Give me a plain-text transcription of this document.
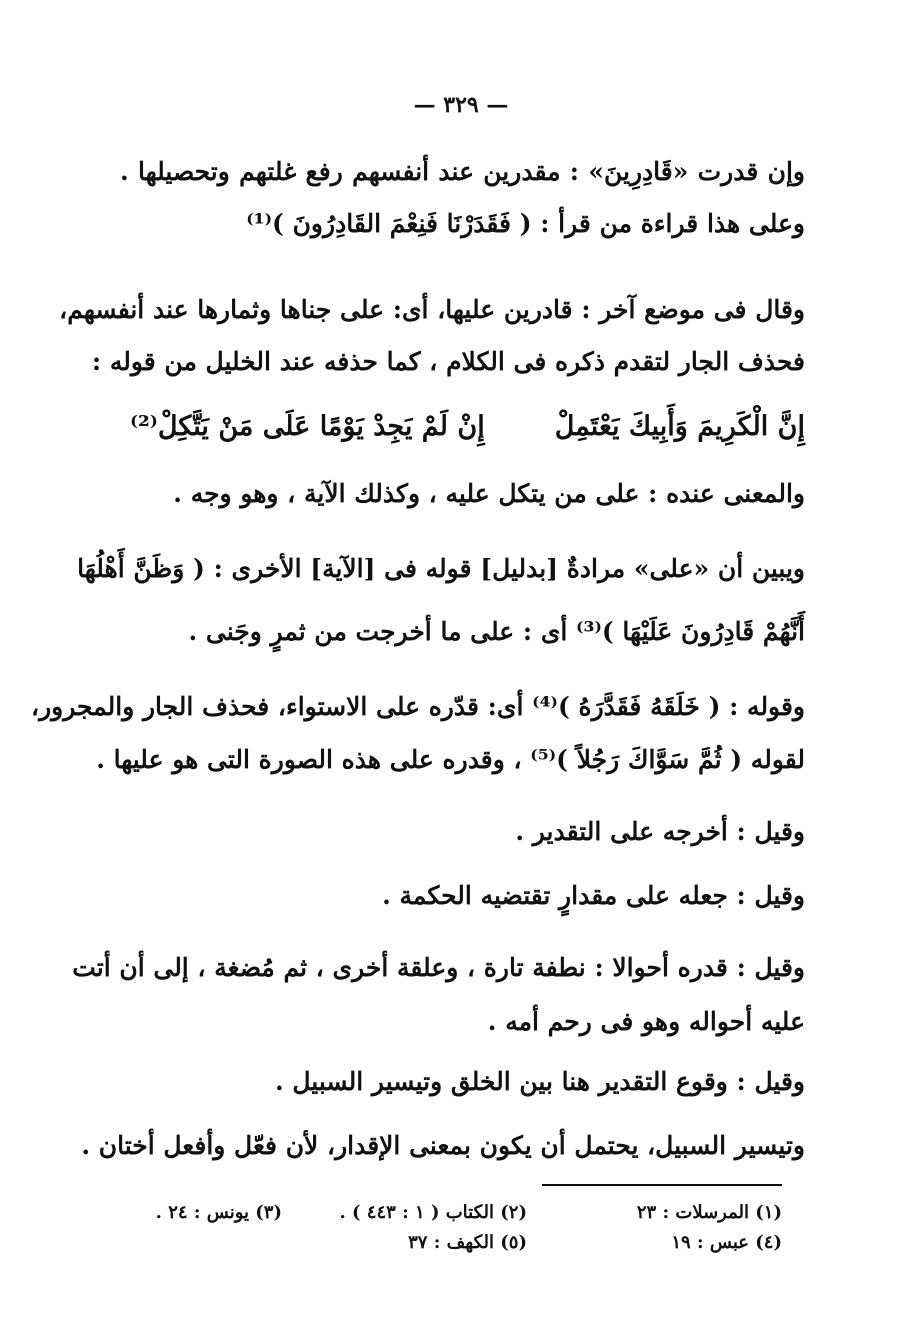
— ٣٢٩ —
وإن قدرت «قَادِرِينَ» : مقدرين عند أنفسهم رفع غلتهم وتحصيلها .
وعلى هذا قراءة من قرأ : ( فَقَدَرْنَا فَنِعْمَ القَادِرُونَ )⁽¹⁾
وقال فى موضع آخر : قادرين عليها، أى: على جناها وثمارها عند أنفسهم،
فحذف الجار لتقدم ذكره فى الكلام ، كما حذفه عند الخليل من قوله :
إِنَّ الْكَرِيمَ وَأَبِيكَ يَعْتَمِلْ
إِنْ لَمْ يَجِدْ يَوْمًا عَلَى مَنْ يَتَّكِلْ⁽²⁾
والمعنى عنده : على من يتكل عليه ، وكذلك الآية ، وهو وجه .
ويبين أن «على» مرادةٌ [بدليل] قوله فى [الآية] الأخرى : ( وَظَنَّ أَهْلُهَا
أَنَّهُمْ قَادِرُونَ عَلَيْهَا )⁽³⁾ أى : على ما أخرجت من ثمرٍ وجَنى .
وقوله : ( خَلَقَهُ فَقَدَّرَهُ )⁽⁴⁾ أى: قدّره على الاستواء، فحذف الجار والمجرور،
لقوله ( ثُمَّ سَوَّاكَ رَجُلاً )⁽⁵⁾ ، وقدره على هذه الصورة التى هو عليها .
وقيل : أخرجه على التقدير .
وقيل : جعله على مقدارٍ تقتضيه الحكمة .
وقيل : قدره أحوالا : نطفة تارة ، وعلقة أخرى ، ثم مُضغة ، إلى أن أتت
عليه أحواله وهو فى رحم أمه .
وقيل : وقوع التقدير هنا بين الخلق وتيسير السبيل .
وتيسير السبيل، يحتمل أن يكون بمعنى الإقدار، لأن فعّل وأفعل أختان .
(١) المرسلات : ٢٣
(٢) الكتاب ( ١ : ٤٤٣ ) .
(٣) يونس : ٢٤ .
(٤) عبس : ١٩
(٥) الكهف : ٣٧
